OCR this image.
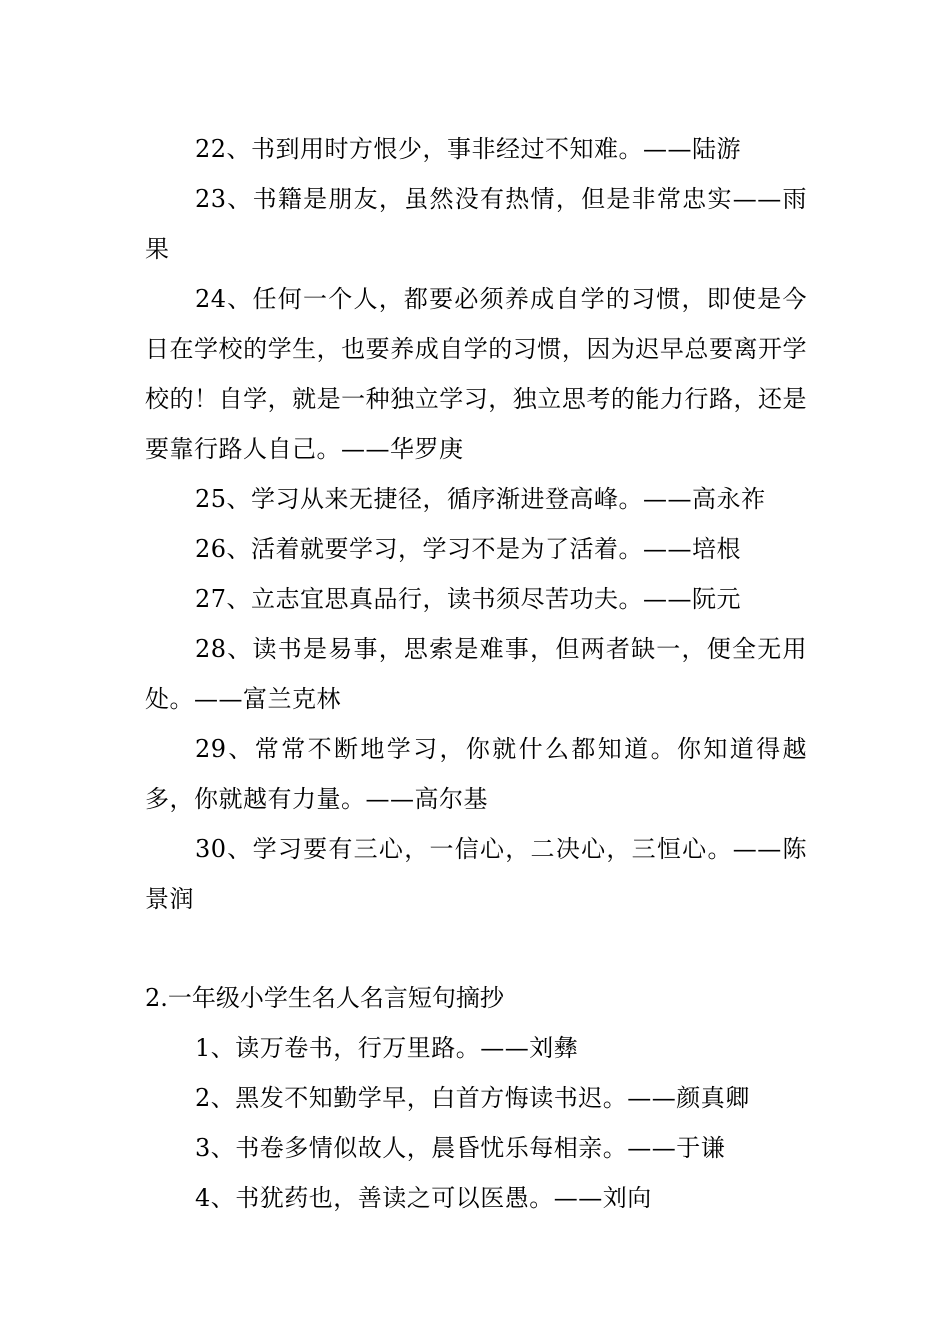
22、书到用时方恨少，事非经过不知难。——陆游

23、书籍是朋友，虽然没有热情，但是非常忠实——雨果

24、任何一个人，都要必须养成自学的习惯，即使是今日在学校的学生，也要养成自学的习惯，因为迟早总要离开学校的！自学，就是一种独立学习，独立思考的能力行路，还是要靠行路人自己。——华罗庚

25、学习从来无捷径，循序渐进登高峰。——高永祚

26、活着就要学习，学习不是为了活着。——培根

27、立志宜思真品行，读书须尽苦功夫。——阮元

28、读书是易事，思索是难事，但两者缺一，便全无用处。——富兰克林

29、常常不断地学习，你就什么都知道。你知道得越多，你就越有力量。——高尔基

30、学习要有三心，一信心，二决心，三恒心。——陈景润

2.一年级小学生名人名言短句摘抄

1、读万卷书，行万里路。——刘彝

2、黑发不知勤学早，白首方悔读书迟。——颜真卿

3、书卷多情似故人，晨昏忧乐每相亲。——于谦

4、书犹药也，善读之可以医愚。——刘向
